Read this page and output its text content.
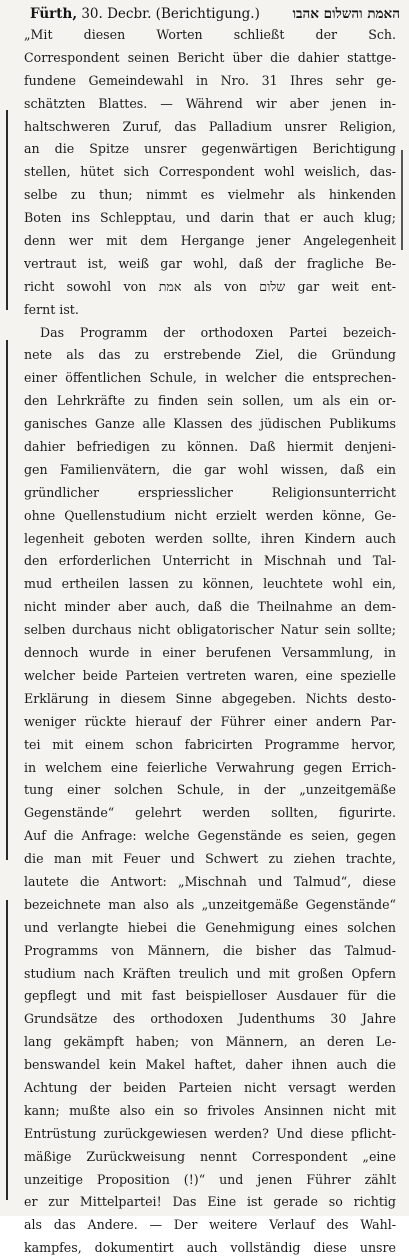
Fürth, 30. Decbr. (Berichtigung.) האמת והשלום אהבו
„Mit diesen Worten schließt der Sch.
Correspondent seinen Bericht über die dahier stattge-
fundene Gemeindewahl in Nro. 31 Ihres sehr ge-
schätzten Blattes. — Während wir aber jenen in-
haltschweren Zuruf, das Palladium unsrer Religion,
an die Spitze unsrer gegenwärtigen Berichtigung
stellen, hütet sich Correspondent wohl weislich, das-
selbe zu thun; nimmt es vielmehr als hinkenden
Boten ins Schlepptau, und darin that er auch klug;
denn wer mit dem Hergange jener Angelegenheit
vertraut ist, weiß gar wohl, daß der fragliche Be-
richt sowohl von אמת als von שלום gar weit ent-
fernt ist.
Das Programm der orthodoxen Partei bezeich-
nete als das zu erstrebende Ziel, die Gründung
einer öffentlichen Schule, in welcher die entsprechen-
den Lehrkräfte zu finden sein sollen, um als ein or-
ganisches Ganze alle Klassen des jüdischen Publikums
dahier befriedigen zu können. Daß hiermit denjeni-
gen Familienvätern, die gar wohl wissen, daß ein
gründlicher erspriesslicher Religionsunterricht
ohne Quellenstudium nicht erzielt werden könne, Ge-
legenheit geboten werden sollte, ihren Kindern auch
den erforderlichen Unterricht in Mischnah und Tal-
mud ertheilen lassen zu können, leuchtete wohl ein,
nicht minder aber auch, daß die Theilnahme an dem-
selben durchaus nicht obligatorischer Natur sein sollte;
dennoch wurde in einer berufenen Versammlung, in
welcher beide Parteien vertreten waren, eine spezielle
Erklärung in diesem Sinne abgegeben. Nichts desto-
weniger rückte hierauf der Führer einer andern Par-
tei mit einem schon fabricirten Programme hervor,
in welchem eine feierliche Verwahrung gegen Errich-
tung einer solchen Schule, in der „unzeitgemäße
Gegenstände“ gelehrt werden sollten, figurirte.
Auf die Anfrage: welche Gegenstände es seien, gegen
die man mit Feuer und Schwert zu ziehen trachte,
lautete die Antwort: „Mischnah und Talmud“, diese
bezeichnete man also als „unzeitgemäße Gegenstände“
und verlangte hiebei die Genehmigung eines solchen
Programms von Männern, die bisher das Talmud-
studium nach Kräften treulich und mit großen Opfern
gepflegt und mit fast beispielloser Ausdauer für die
Grundsätze des orthodoxen Judenthums 30 Jahre
lang gekämpft haben; von Männern, an deren Le-
benswandel kein Makel haftet, daher ihnen auch die
Achtung der beiden Parteien nicht versagt werden
kann; mußte also ein so frivoles Ansinnen nicht mit
Entrüstung zurückgewiesen werden? Und diese pflicht-
mäßige Zurückweisung nennt Correspondent „eine
unzeitige Proposition (!)“ und jenen Führer zählt
er zur Mittelpartei! Das Eine ist gerade so richtig
als das Andere. — Der weitere Verlauf des Wahl-
kampfes, dokumentirt auch vollständig diese unsre
